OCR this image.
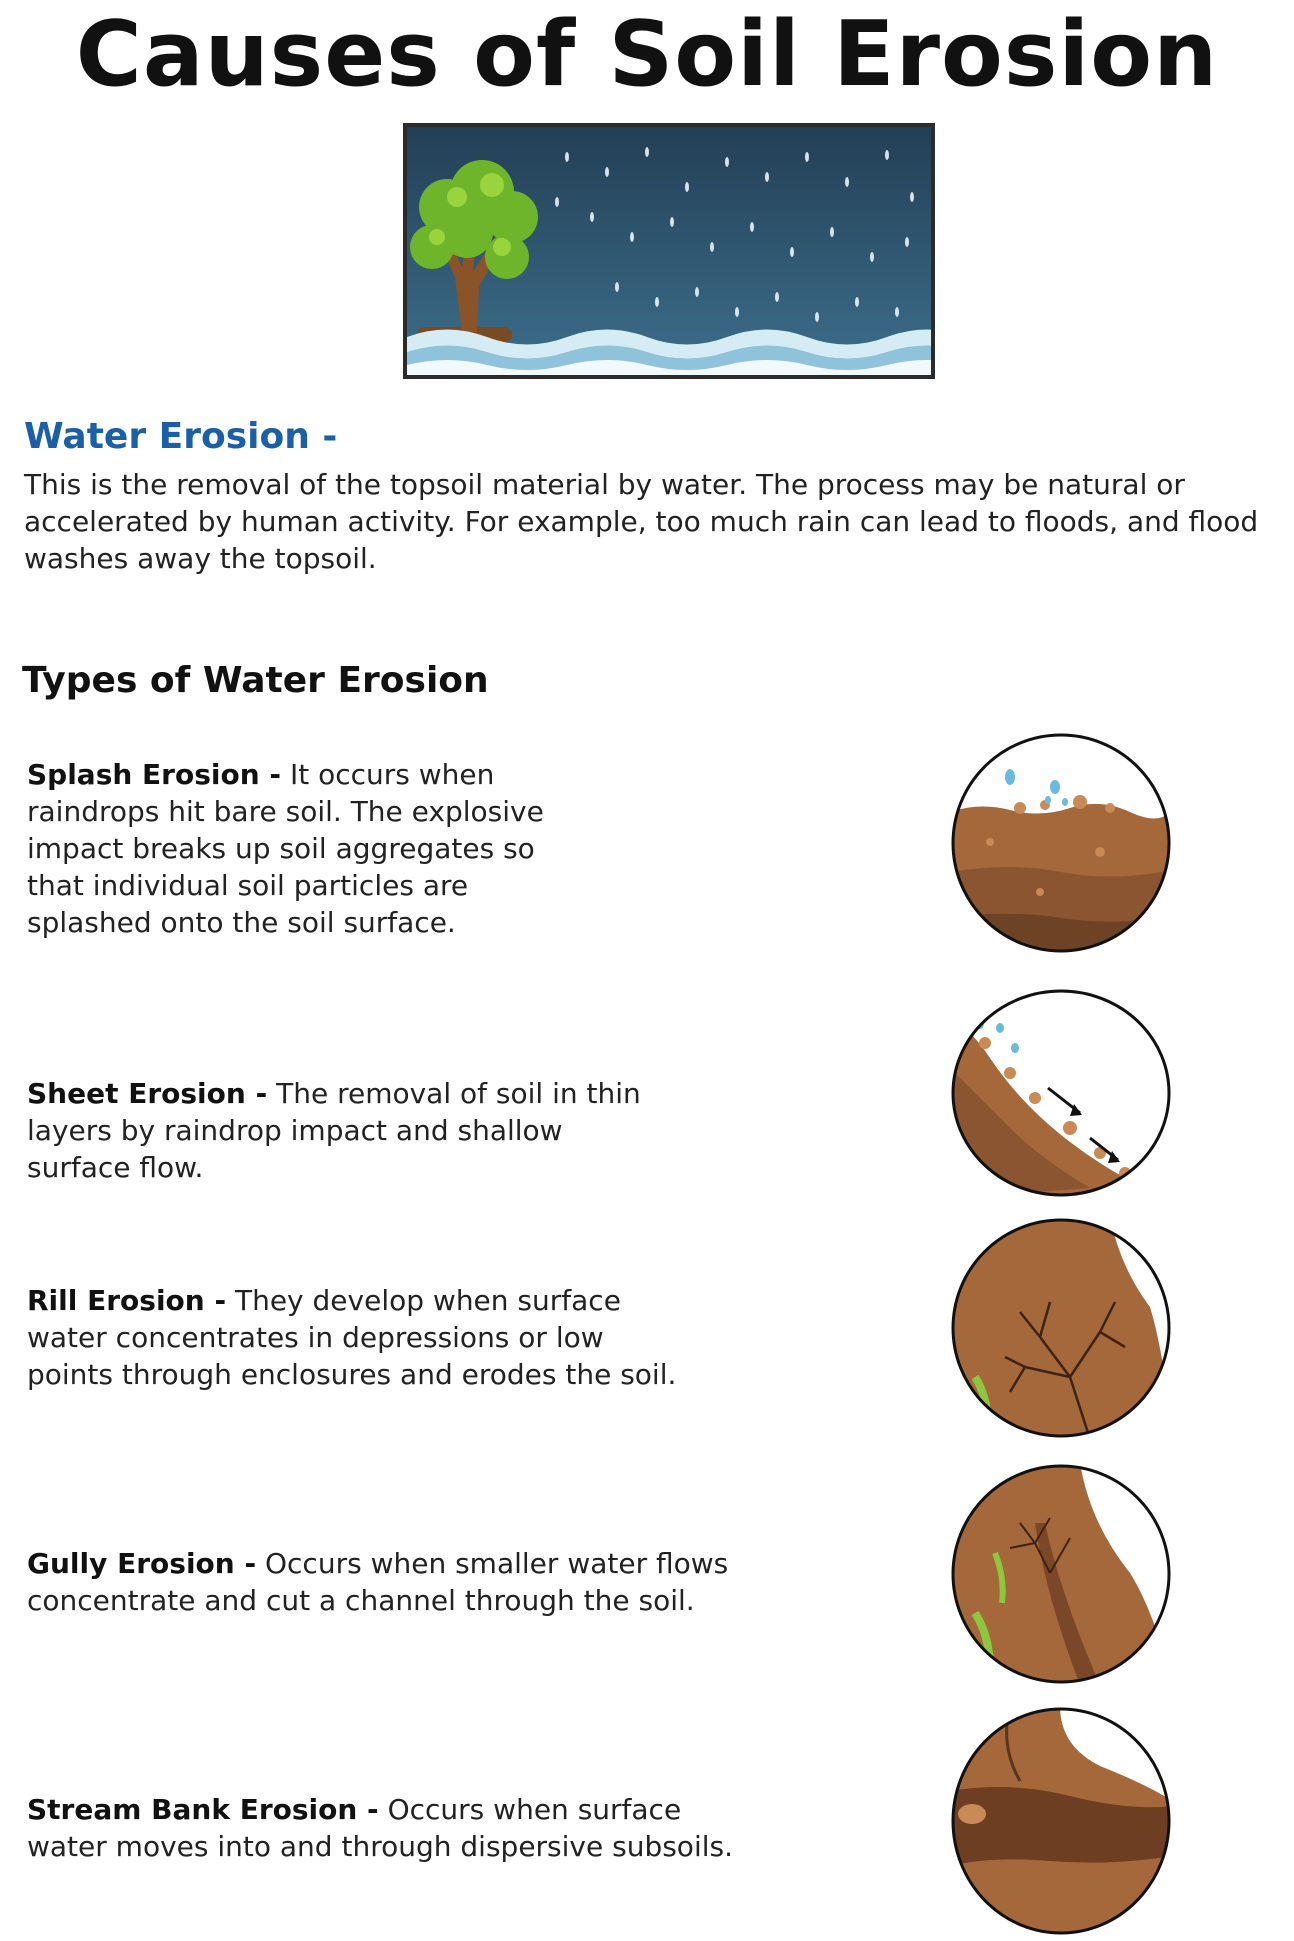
Causes of Soil Erosion
Water Erosion -

This is the removal of the topsoil material by water. The process may be natural or accelerated by human activity. For example, too much rain can lead to floods, and flood washes away the topsoil.

Types of Water Erosion

Splash Erosion - It occurs when raindrops hit bare soil. The explosive impact breaks up soil aggregates so that individual soil particles are splashed onto the soil surface.

Sheet Erosion - The removal of soil in thin layers by raindrop impact and shallow surface flow.

Rill Erosion - They develop when surface water concentrates in depressions or low points through enclosures and erodes the soil.

Gully Erosion - Occurs when smaller water flows concentrate and cut a channel through the soil.

Stream Bank Erosion - Occurs when surface water moves into and through dispersive subsoils.
